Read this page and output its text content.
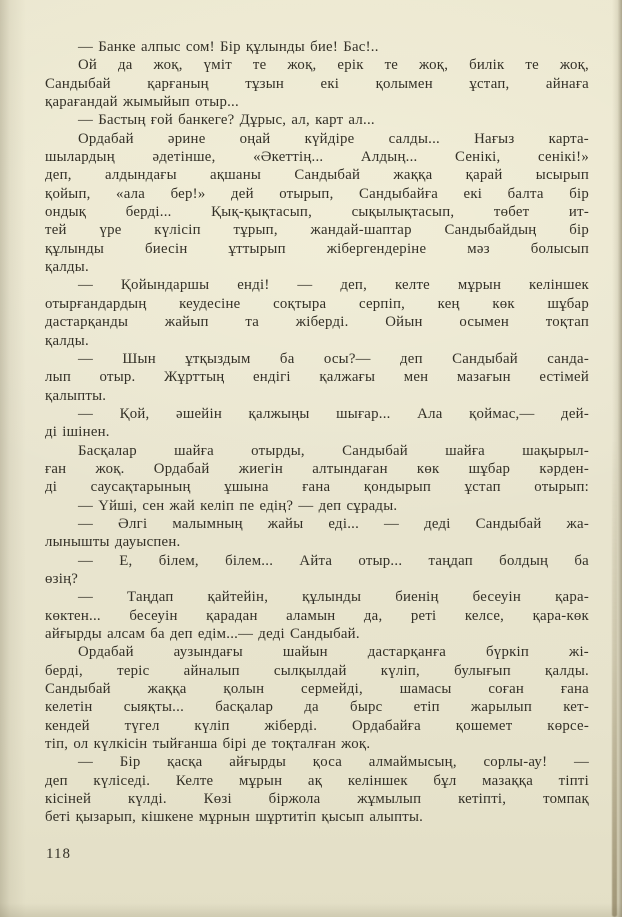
— Банке алпыс сом! Бір құлынды бие! Бас!..
Ой да жоқ, үміт те жоқ, ерік те жоқ, билік те жоқ,
Сандыбай қарғаның тұзын екі қолымен ұстап, айнаға
қарағандай жымыйып отыр...
— Бастың ғой банкеге? Дұрыс, ал, карт ал...
Ордабай әрине оңай күйдіре салды... Нағыз карта-
шылардың әдетінше, «Әкеттің... Алдың... Сенікі, сенікі!»
деп, алдындағы ақшаны Сандыбай жаққа қарай ысырып
қойып, «ала бер!» дей отырып, Сандыбайға екі балта бір
ондық берді... Қық-қықтасып, сықылықтасып, төбет ит-
тей үре күлісіп тұрып, жандай-шаптар Сандыбайдың бір
құлынды биесін ұттырып жібергендеріне мәз болысып
қалды.
— Қойындаршы енді! — деп, келте мұрын келіншек
отырғандардың кеудесіне соқтыра серпіп, кең көк шұбар
дастарқанды жайып та жіберді. Ойын осымен тоқтап
қалды.
— Шын ұтқыздым ба осы?— деп Сандыбай санда-
лып отыр. Жұрттың ендігі қалжағы мен мазағын естімей
қалыпты.
— Қой, әшейін қалжыңы шығар... Ала қоймас,— дей-
ді ішінен.
Басқалар шайға отырды, Сандыбай шайға шақырыл-
ған жоқ. Ордабай жиегін алтындаған көк шұбар кәрден-
ді саусақтарының ұшына ғана қондырып ұстап отырып:
— Үйші, сен жай келіп пе едің? — деп сұрады.
— Әлгі малымның жайы еді... — деді Сандыбай жа-
лынышты дауыспен.
— Е, білем, білем... Айта отыр... таңдап болдың ба
өзің?
— Таңдап қайтейін, құлынды биенің бесеуін қара-
көктен... бесеуін қарадан аламын да, реті келсе, қара-көк
айғырды алсам ба деп едім...— деді Сандыбай.
Ордабай аузындағы шайын дастарқанға бүркіп жі-
берді, теріс айналып сылқылдай күліп, булығып қалды.
Сандыбай жаққа қолын сермейді, шамасы соған ғана
келетін сыяқты... басқалар да бырс етіп жарылып кет-
кендей түгел күліп жіберді. Ордабайға қошемет көрсе-
тіп, ол күлкісін тыйғанша бірі де тоқталған жоқ.
— Бір қасқа айғырды қоса алмаймысың, сорлы-ау! —
деп күліседі. Келте мұрын ақ келіншек бұл мазаққа тіпті
кісіней күлді. Көзі біржола жұмылып кетіпті, томпақ
беті қызарып, кішкене мұрнын шұртитіп қысып алыпты.
118
